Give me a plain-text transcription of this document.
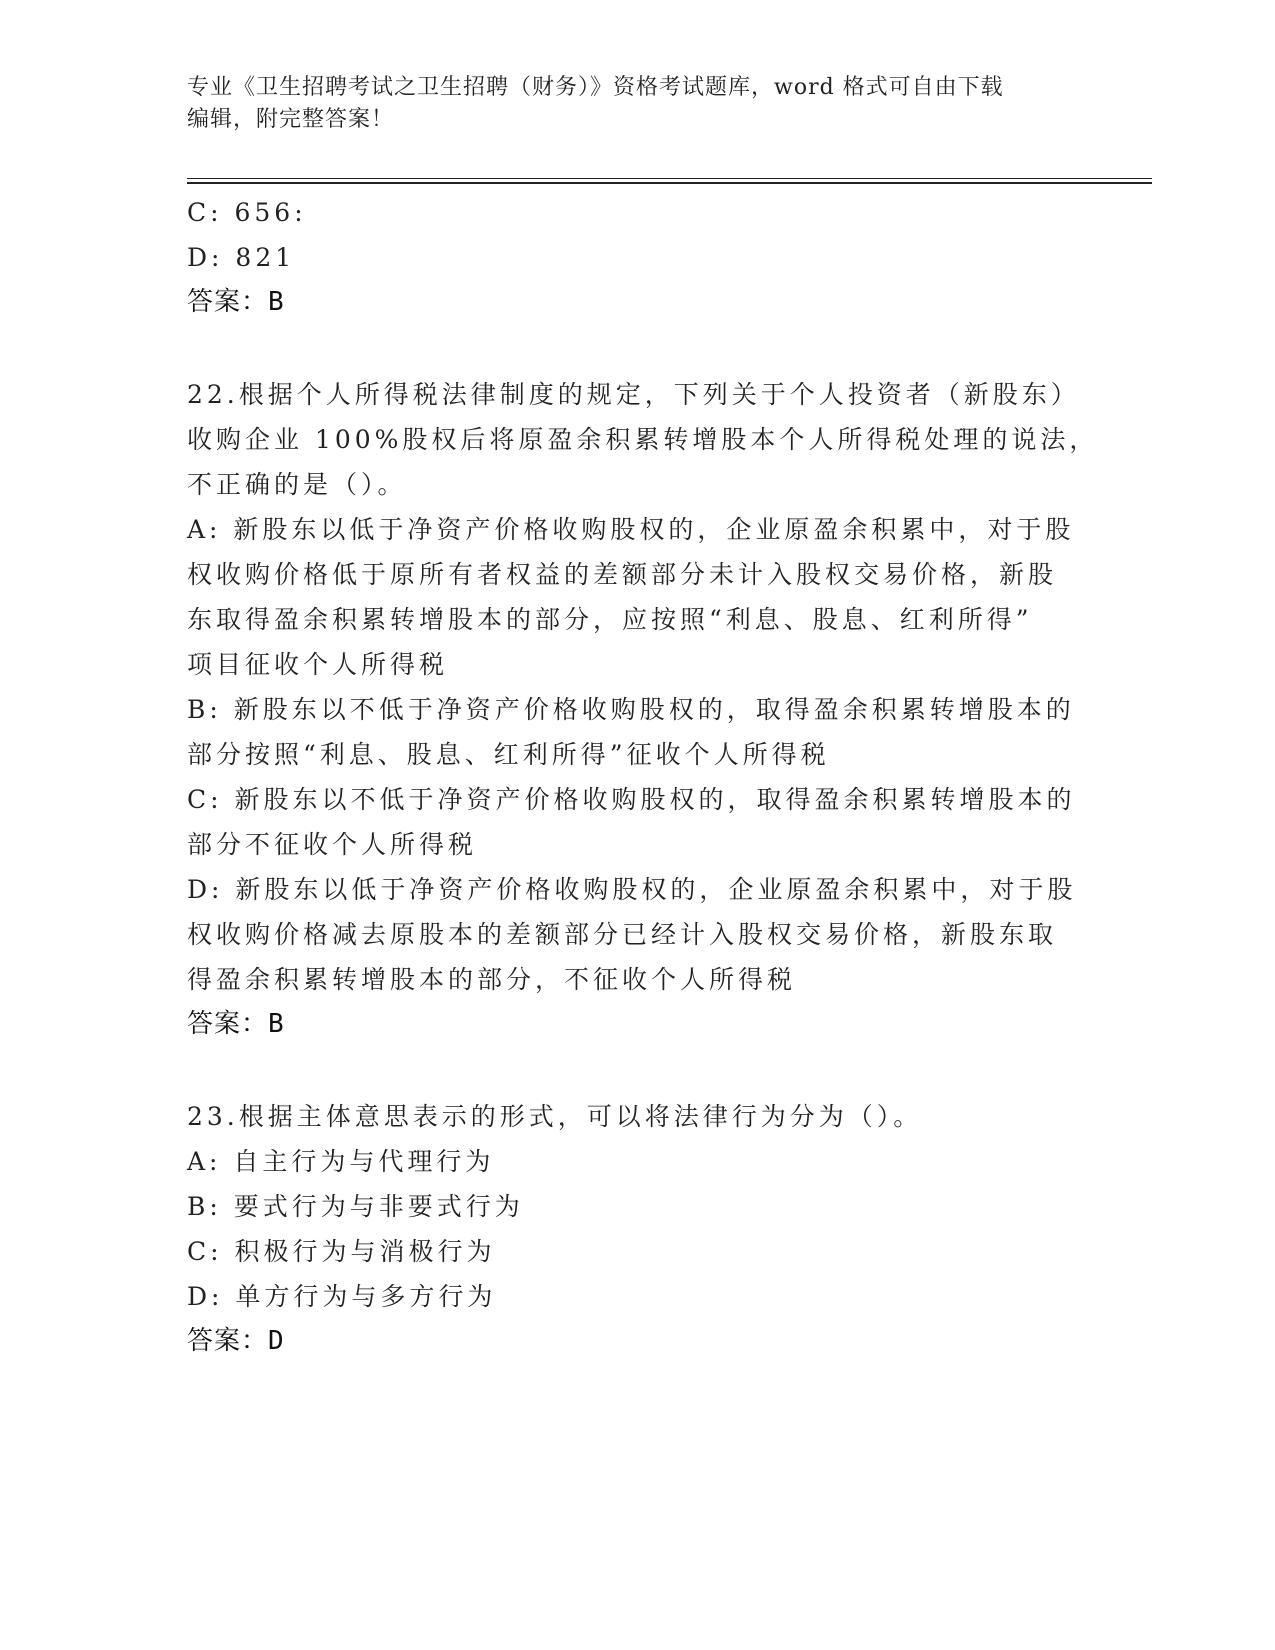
专业《卫生招聘考试之卫生招聘（财务）》资格考试题库，word 格式可自由下载
编辑，附完整答案！
C: 656:
D: 821
答案：B
22.根据个人所得税法律制度的规定，下列关于个人投资者（新股东）
收购企业 100%股权后将原盈余积累转增股本个人所得税处理的说法，
不正确的是（）。
A: 新股东以低于净资产价格收购股权的，企业原盈余积累中，对于股
权收购价格低于原所有者权益的差额部分未计入股权交易价格，新股
东取得盈余积累转增股本的部分，应按照“利息、股息、红利所得”
项目征收个人所得税
B: 新股东以不低于净资产价格收购股权的，取得盈余积累转增股本的
部分按照“利息、股息、红利所得”征收个人所得税
C: 新股东以不低于净资产价格收购股权的，取得盈余积累转增股本的
部分不征收个人所得税
D: 新股东以低于净资产价格收购股权的，企业原盈余积累中，对于股
权收购价格减去原股本的差额部分已经计入股权交易价格，新股东取
得盈余积累转增股本的部分，不征收个人所得税
答案：B
23.根据主体意思表示的形式，可以将法律行为分为（）。
A: 自主行为与代理行为
B: 要式行为与非要式行为
C: 积极行为与消极行为
D: 单方行为与多方行为
答案：D
